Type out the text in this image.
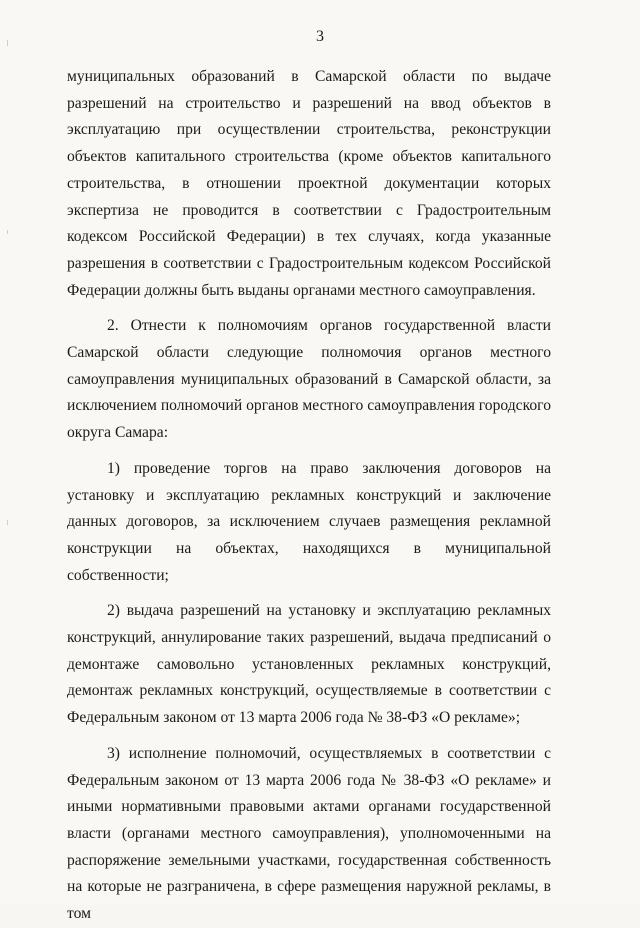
3

муниципальных образований в Самарской области по выдаче разрешений на строительство и разрешений на ввод объектов в эксплуатацию при осуществлении строительства, реконструкции объектов капитального строительства (кроме объектов капитального строительства, в отношении проектной документации которых экспертиза не проводится в соответствии с Градостроительным кодексом Российской Федерации) в тех случаях, когда указанные разрешения в соответствии с Градостроительным кодексом Российской Федерации должны быть выданы органами местного самоуправления.

2. Отнести к полномочиям органов государственной власти Самарской области следующие полномочия органов местного самоуправления муниципальных образований в Самарской области, за исключением полномочий органов местного самоуправления городского округа Самара:

1) проведение торгов на право заключения договоров на установку и эксплуатацию рекламных конструкций и заключение данных договоров, за исключением случаев размещения рекламной конструкции на объектах, находящихся в муниципальной собственности;

2) выдача разрешений на установку и эксплуатацию рекламных конструкций, аннулирование таких разрешений, выдача предписаний о демонтаже самовольно установленных рекламных конструкций, демонтаж рекламных конструкций, осуществляемые в соответствии с Федеральным законом от 13 марта 2006 года № 38-ФЗ «О рекламе»;

3) исполнение полномочий, осуществляемых в соответствии с Федеральным законом от 13 марта 2006 года № 38-ФЗ «О рекламе» и иными нормативными правовыми актами органами государственной власти (органами местного самоуправления), уполномоченными на распоряжение земельными участками, государственная собственность на которые не разграничена, в сфере размещения наружной рекламы, в том
